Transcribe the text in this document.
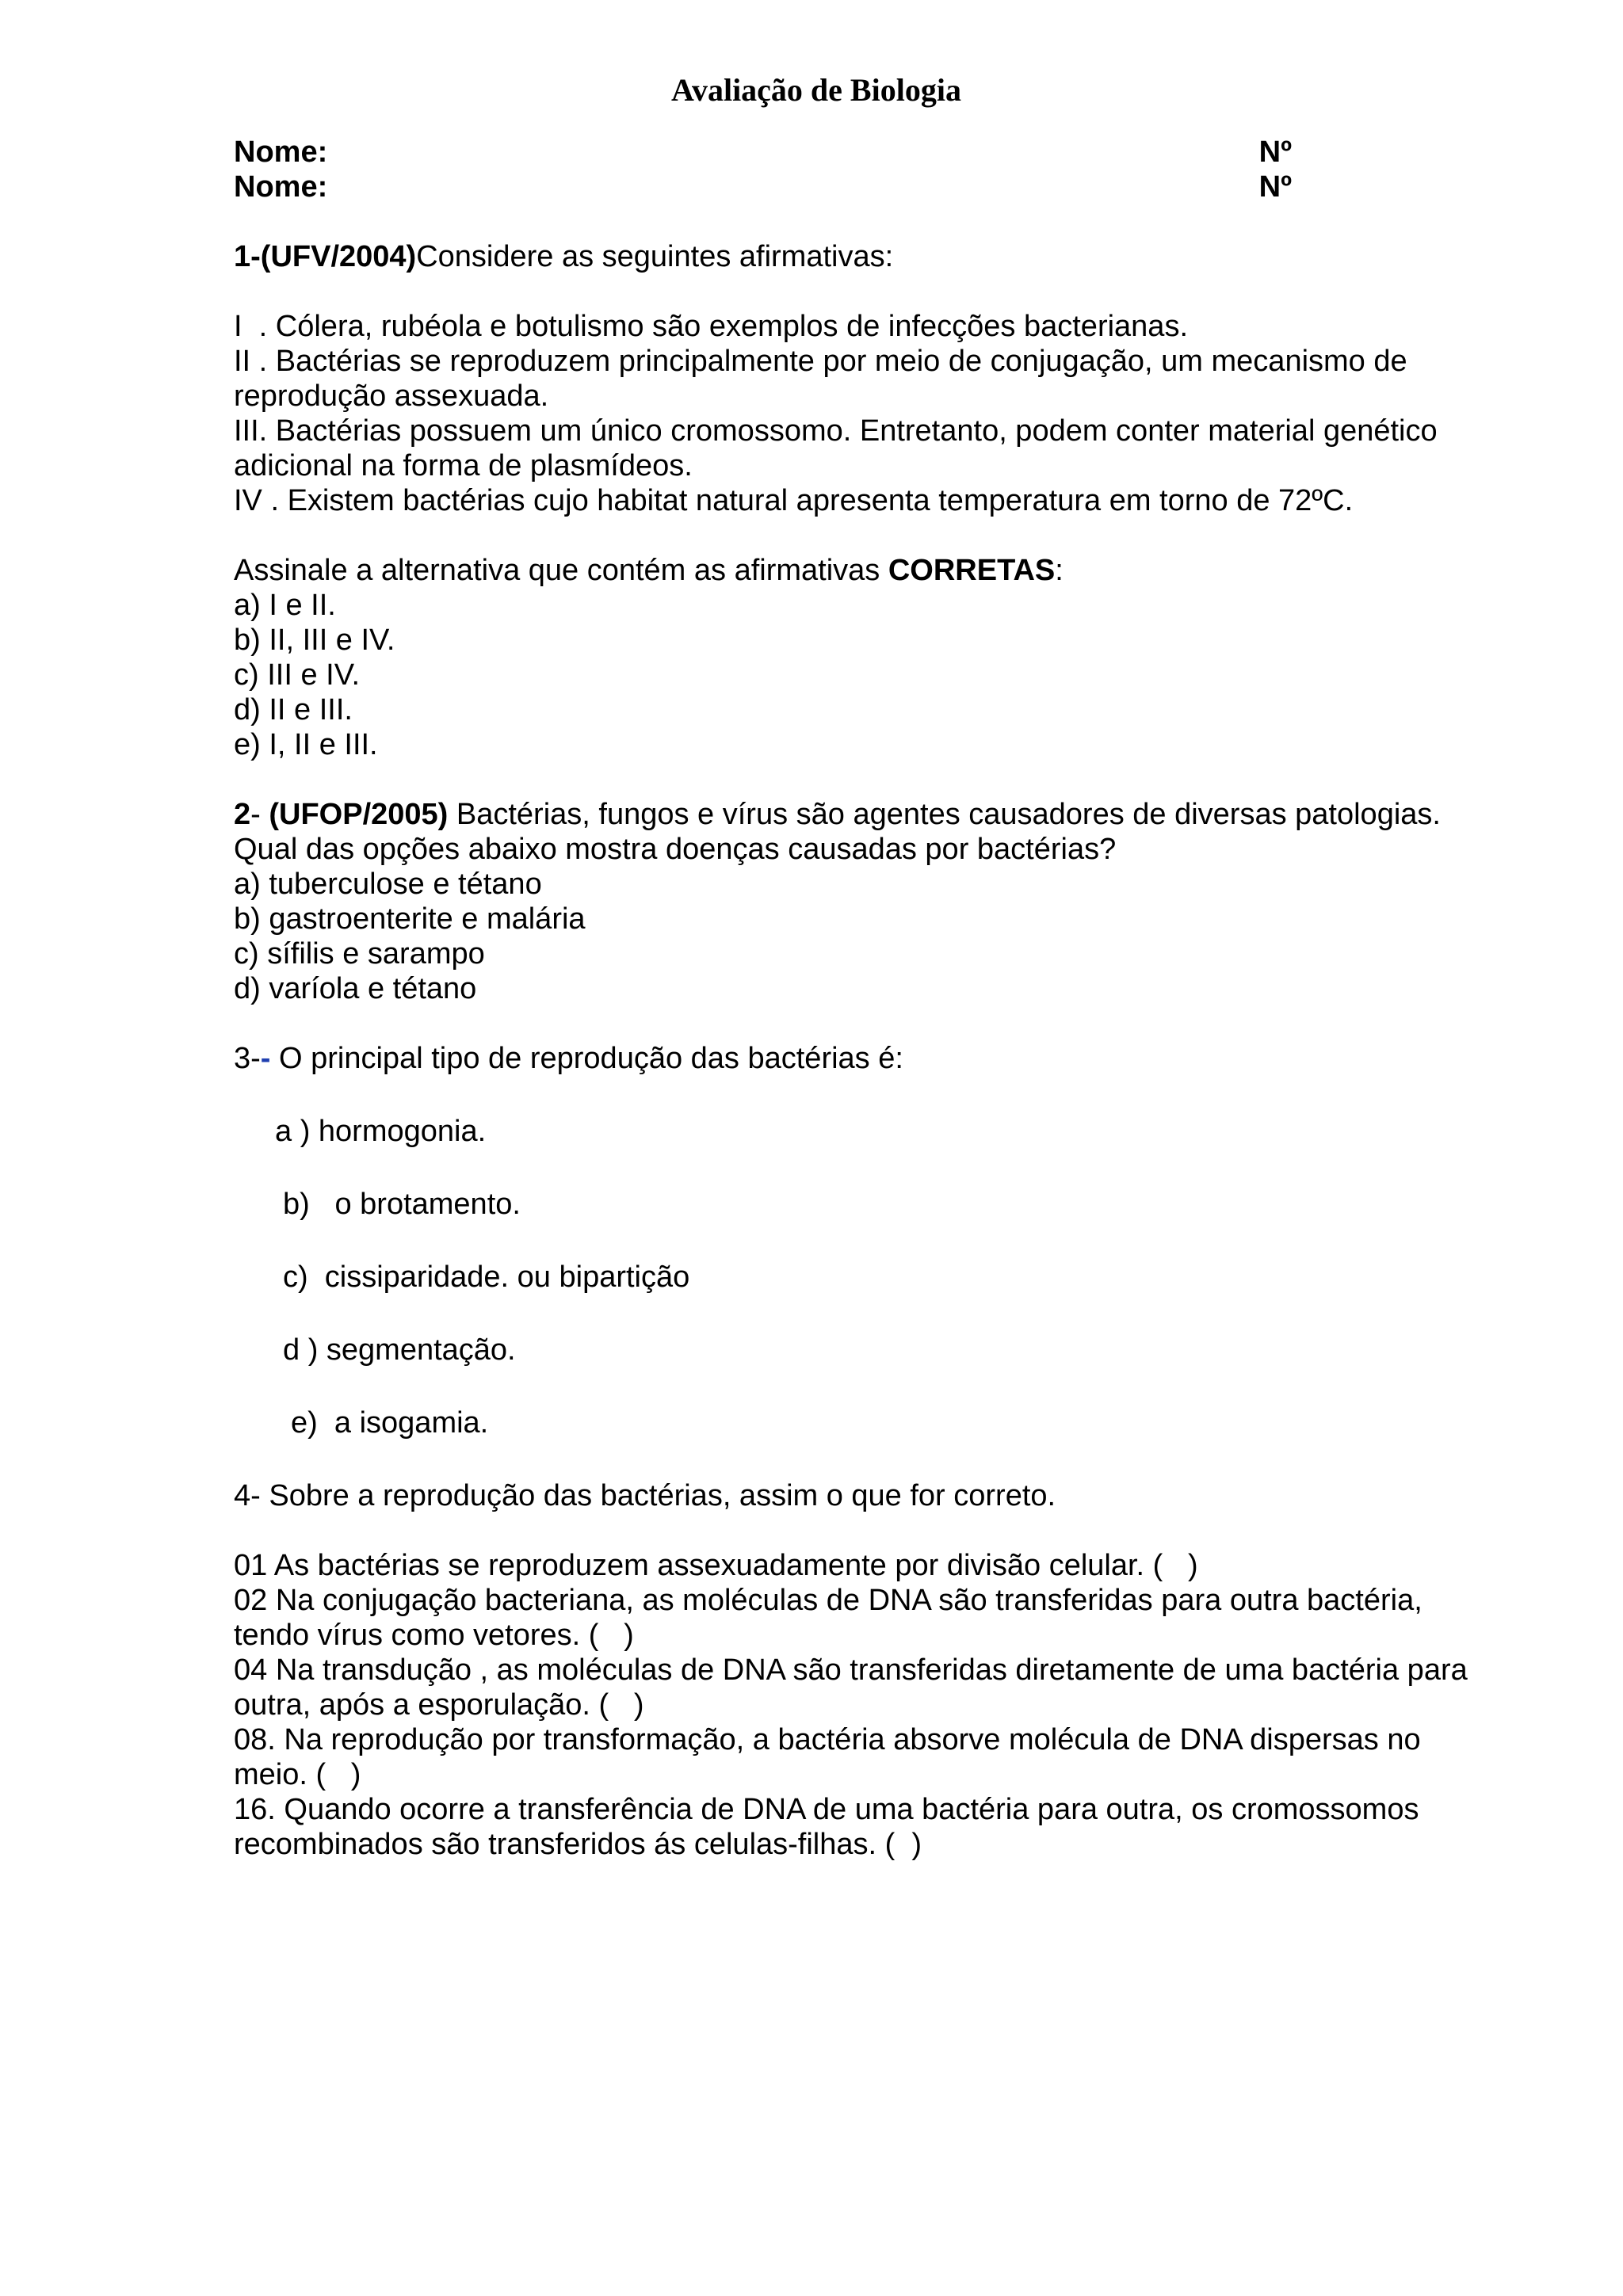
Avaliação de Biologia
Nome:	Nº
Nome:	Nº
1-(UFV/2004)Considere as seguintes afirmativas:
I  . Cólera, rubéola e botulismo são exemplos de infecções bacterianas.
II . Bactérias se reproduzem principalmente por meio de conjugação, um mecanismo de
reprodução assexuada.
III. Bactérias possuem um único cromossomo. Entretanto, podem conter material genético
adicional na forma de plasmídeos.
IV . Existem bactérias cujo habitat natural apresenta temperatura em torno de 72ºC.
Assinale a alternativa que contém as afirmativas CORRETAS:
a) I e II.
b) II, III e IV.
c) III e IV.
d) II e III.
e) I, II e III.
2- (UFOP/2005) Bactérias, fungos e vírus são agentes causadores de diversas patologias.
Qual das opções abaixo mostra doenças causadas por bactérias?
a) tuberculose e tétano
b) gastroenterite e malária
c) sífilis e sarampo
d) varíola e tétano
3-- O principal tipo de reprodução das bactérias é:
a ) hormogonia.
b)   o brotamento.
c)  cissiparidade. ou bipartição
d ) segmentação.
e)  a isogamia.
4- Sobre a reprodução das bactérias, assim o que for correto.
01 As bactérias se reproduzem assexuadamente por divisão celular. (   )
02 Na conjugação bacteriana, as moléculas de DNA são transferidas para outra bactéria,
tendo vírus como vetores. (   )
04 Na transdução , as moléculas de DNA são transferidas diretamente de uma bactéria para
outra, após a esporulação. (   )
08. Na reprodução por transformação, a bactéria absorve molécula de DNA dispersas no
meio. (   )
16. Quando ocorre a transferência de DNA de uma bactéria para outra, os cromossomos
recombinados são transferidos ás celulas-filhas. (  )
